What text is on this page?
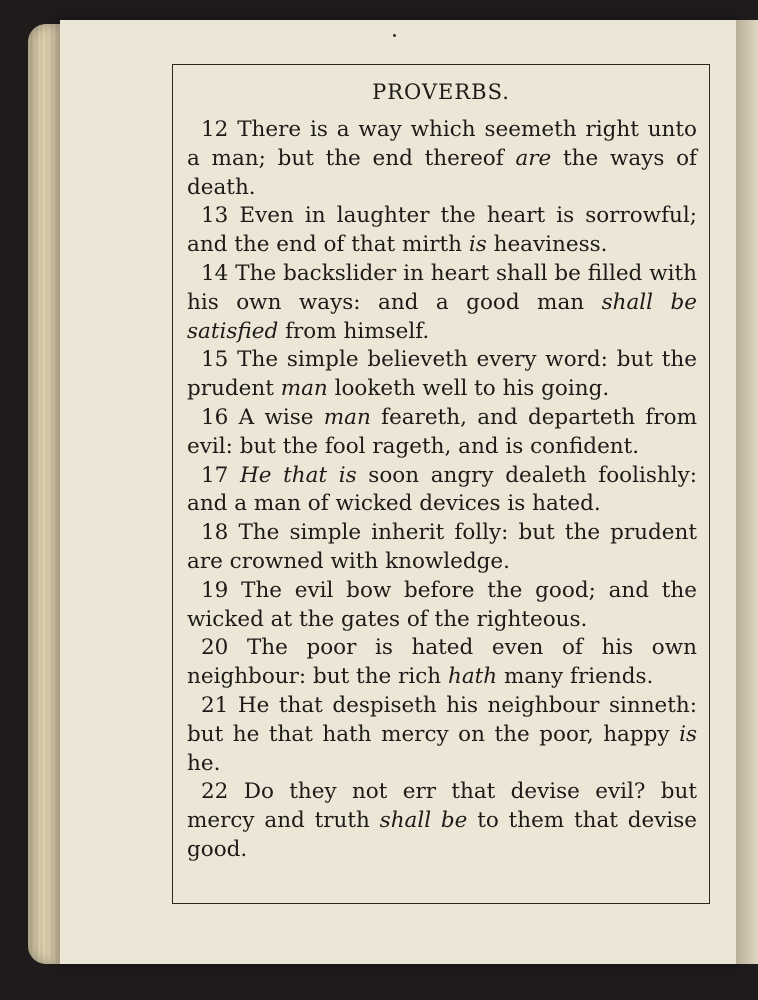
PROVERBS.

12 There is a way which seemeth right unto a man; but the end thereof are the ways of death.

13 Even in laughter the heart is sorrowful; and the end of that mirth is heaviness.

14 The backslider in heart shall be filled with his own ways: and a good man shall be satisfied from himself.

15 The simple believeth every word: but the prudent man looketh well to his going.

16 A wise man feareth, and departeth from evil: but the fool rageth, and is confident.

17 He that is soon angry dealeth foolishly: and a man of wicked devices is hated.

18 The simple inherit folly: but the prudent are crowned with knowledge.

19 The evil bow before the good; and the wicked at the gates of the righteous.

20 The poor is hated even of his own neighbour: but the rich hath many friends.

21 He that despiseth his neighbour sinneth: but he that hath mercy on the poor, happy is he.

22 Do they not err that devise evil? but mercy and truth shall be to them that devise good.
